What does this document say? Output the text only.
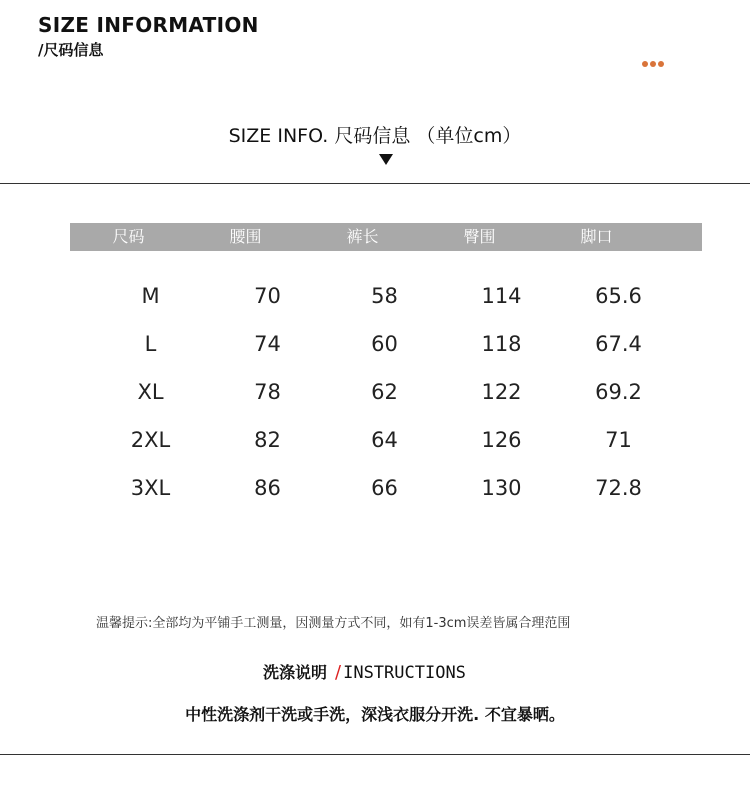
SIZE INFORMATION
/尺码信息
SIZE INFO. 尺码信息 （单位cm）
尺码	腰围	裤长	臀围	脚口
M	70	58	114	65.6
L	74	60	118	67.4
XL	78	62	122	69.2
2XL	82	64	126	71
3XL	86	66	130	72.8
温馨提示:全部均为平铺手工测量，因测量方式不同，如有1-3cm误差皆属合理范围
洗涤说明 / INSTRUCTIONS
中性洗涤剂干洗或手洗，深浅衣服分开洗. 不宜暴晒。
